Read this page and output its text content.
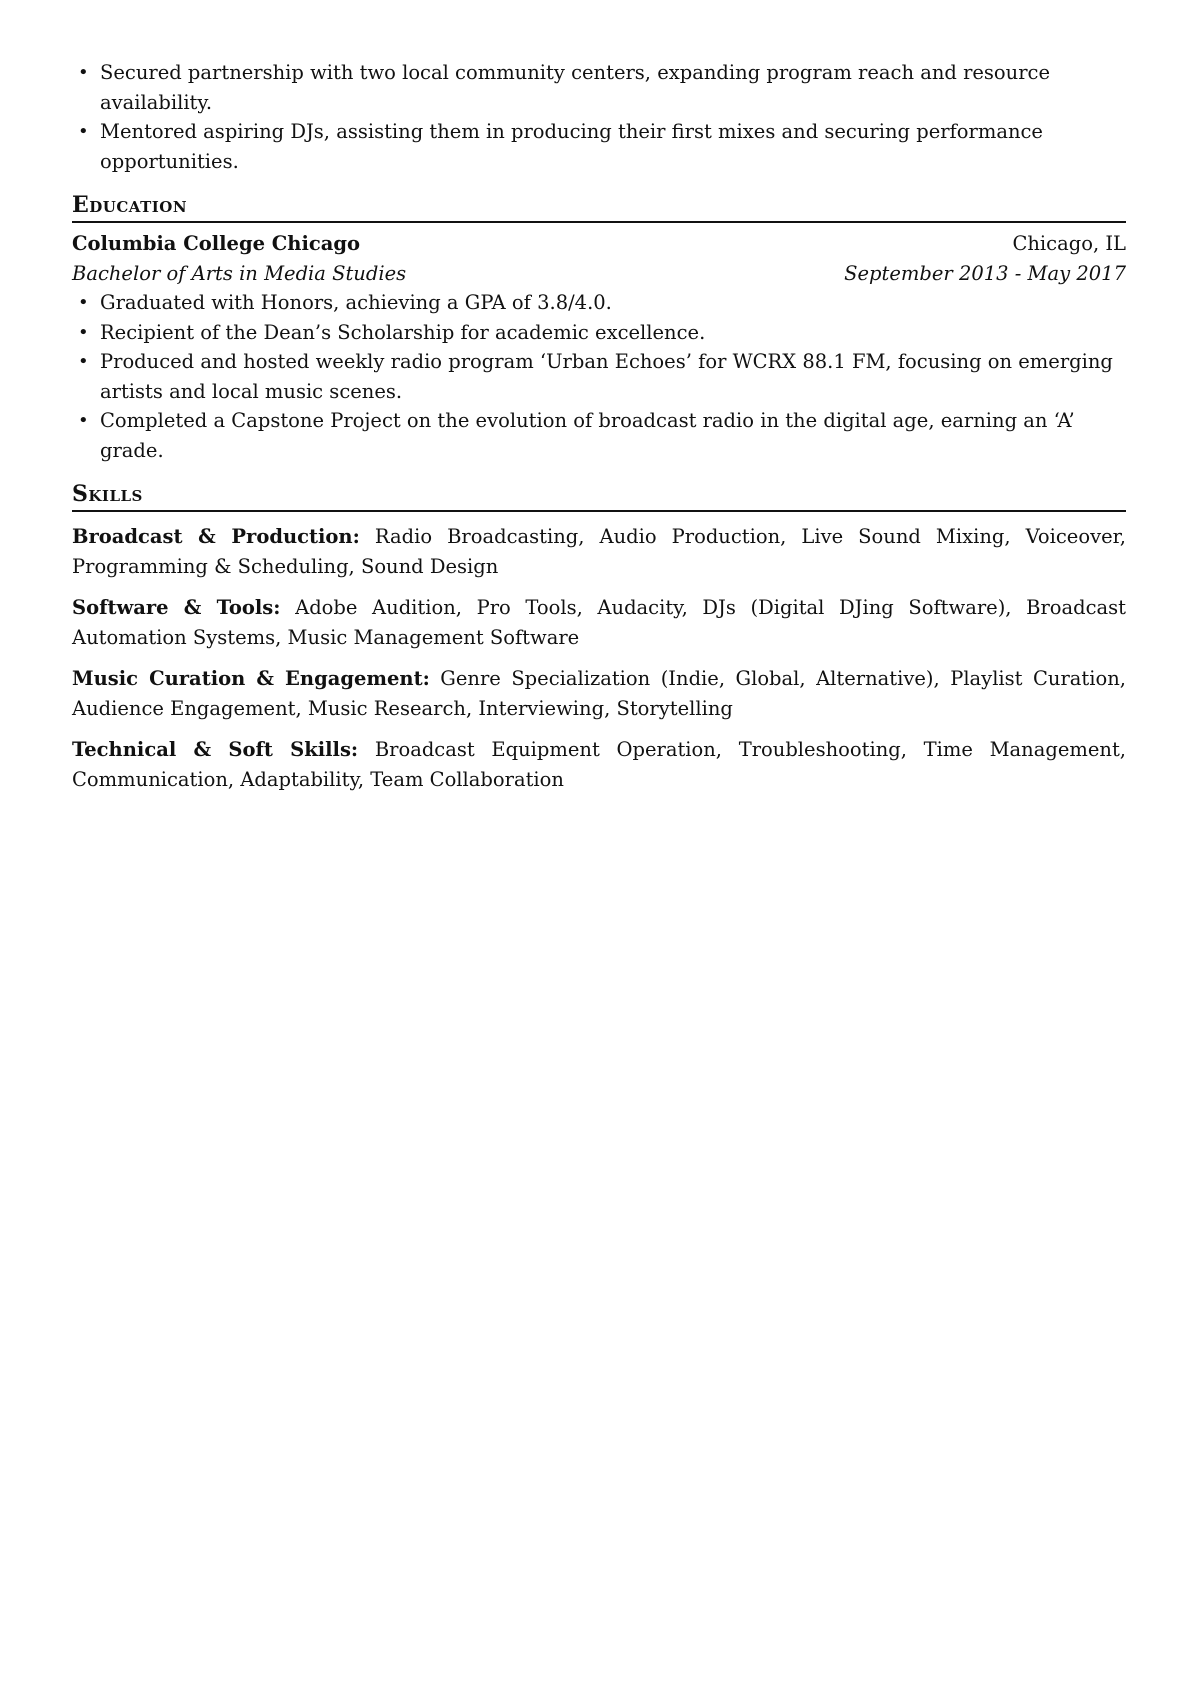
• Secured partnership with two local community centers, expanding program reach and resource availability.
• Mentored aspiring DJs, assisting them in producing their first mixes and securing performance opportunities.
Education
Columbia College Chicago	Chicago, IL
Bachelor of Arts in Media Studies	September 2013 - May 2017
• Graduated with Honors, achieving a GPA of 3.8/4.0.
• Recipient of the Dean’s Scholarship for academic excellence.
• Produced and hosted weekly radio program ‘Urban Echoes’ for WCRX 88.1 FM, focusing on emerging artists and local music scenes.
• Completed a Capstone Project on the evolution of broadcast radio in the digital age, earning an ‘A’ grade.
Skills

Broadcast & Production: Radio Broadcasting, Audio Production, Live Sound Mixing, Voiceover, Programming & Scheduling, Sound Design

Software & Tools: Adobe Audition, Pro Tools, Audacity, DJs (Digital DJing Software), Broadcast Automation Systems, Music Management Software

Music Curation & Engagement: Genre Specialization (Indie, Global, Alternative), Playlist Curation, Audience Engagement, Music Research, Interviewing, Storytelling

Technical & Soft Skills: Broadcast Equipment Operation, Troubleshooting, Time Management, Communication, Adaptability, Team Collaboration
